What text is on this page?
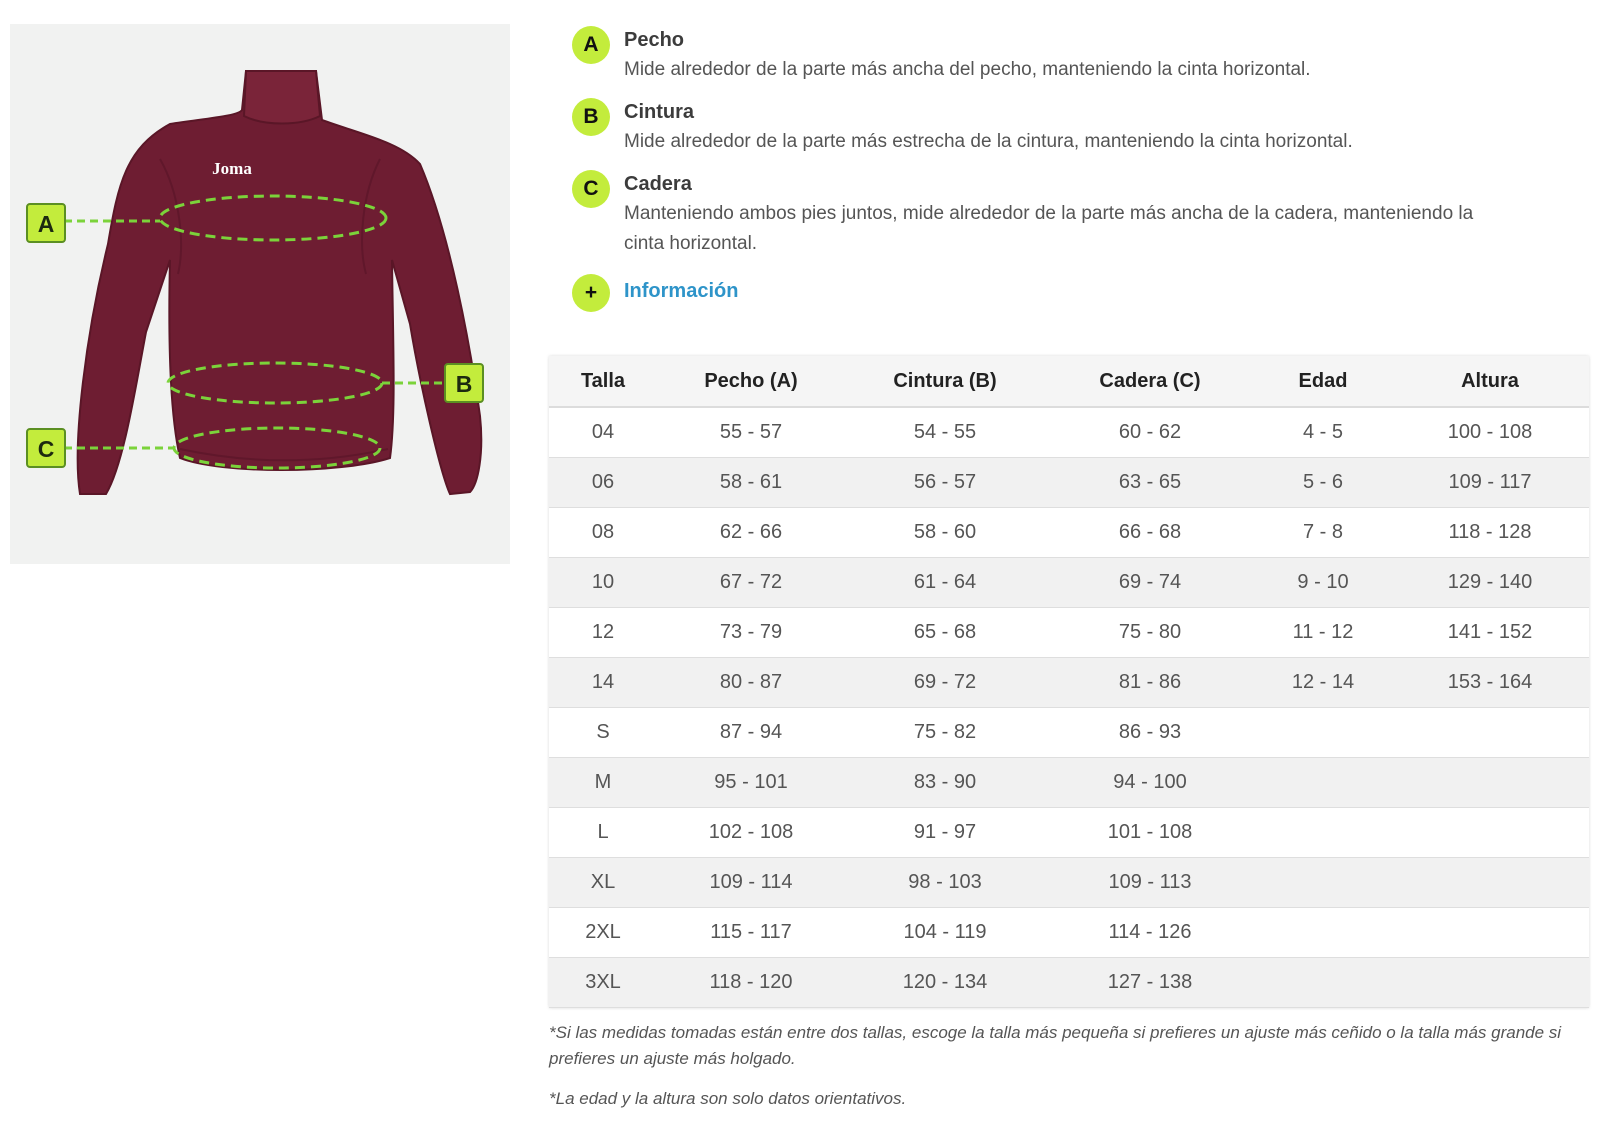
Joma
A
B
C
A	Pecho
Mide alrededor de la parte más ancha del pecho, manteniendo la cinta horizontal.
B	Cintura
Mide alrededor de la parte más estrecha de la cintura, manteniendo la cinta horizontal.
C	Cadera
Manteniendo ambos pies juntos, mide alrededor de la parte más ancha de la cadera, manteniendo la cinta horizontal.
+	Información
Talla	Pecho (A)	Cintura (B)	Cadera (C)	Edad	Altura
04	55 - 57	54 - 55	60 - 62	4 - 5	100 - 108
06	58 - 61	56 - 57	63 - 65	5 - 6	109 - 117
08	62 - 66	58 - 60	66 - 68	7 - 8	118 - 128
10	67 - 72	61 - 64	69 - 74	9 - 10	129 - 140
12	73 - 79	65 - 68	75 - 80	11 - 12	141 - 152
14	80 - 87	69 - 72	81 - 86	12 - 14	153 - 164
S	87 - 94	75 - 82	86 - 93		
M	95 - 101	83 - 90	94 - 100		
L	102 - 108	91 - 97	101 - 108		
XL	109 - 114	98 - 103	109 - 113		
2XL	115 - 117	104 - 119	114 - 126		
3XL	118 - 120	120 - 134	127 - 138		
*Si las medidas tomadas están entre dos tallas, escoge la talla más pequeña si prefieres un ajuste más ceñido o la talla más grande si prefieres un ajuste más holgado.
*La edad y la altura son solo datos orientativos.
